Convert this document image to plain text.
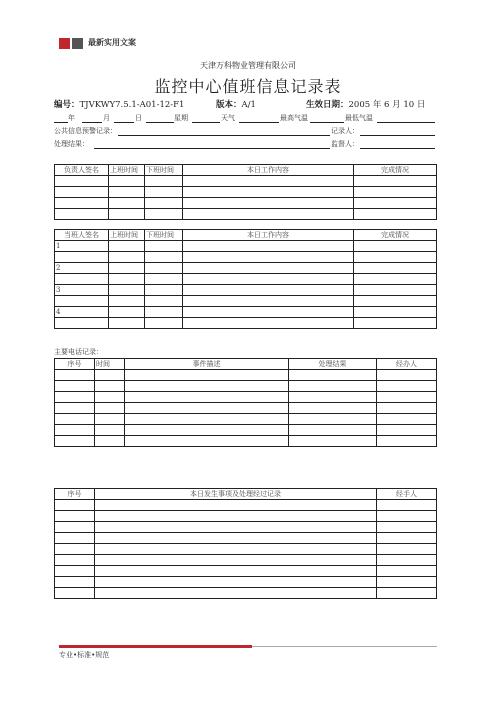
最新实用文案
天津万科物业管理有限公司
监控中心值班信息记录表
编号：TJVKWY7.5.1-A01-12-F1	版本：A/1	生效日期：2005 年 6 月 10 日
年	月	日	星期	天气	最高气温	最低气温
公共信息预警记录：	记录人：
处理结果：	监督人：
负责人签名	上班时间	下班时间	本日工作内容	完成情况

当班人签名	上班时间	下班时间	本日工作内容	完成情况
1				

2				

3				

4				

主要电话记录：
序号	时间	事件描述	处理结果	经办人

序号	本日发生事项及处理经过记录	经手人

专业•标准•规范
